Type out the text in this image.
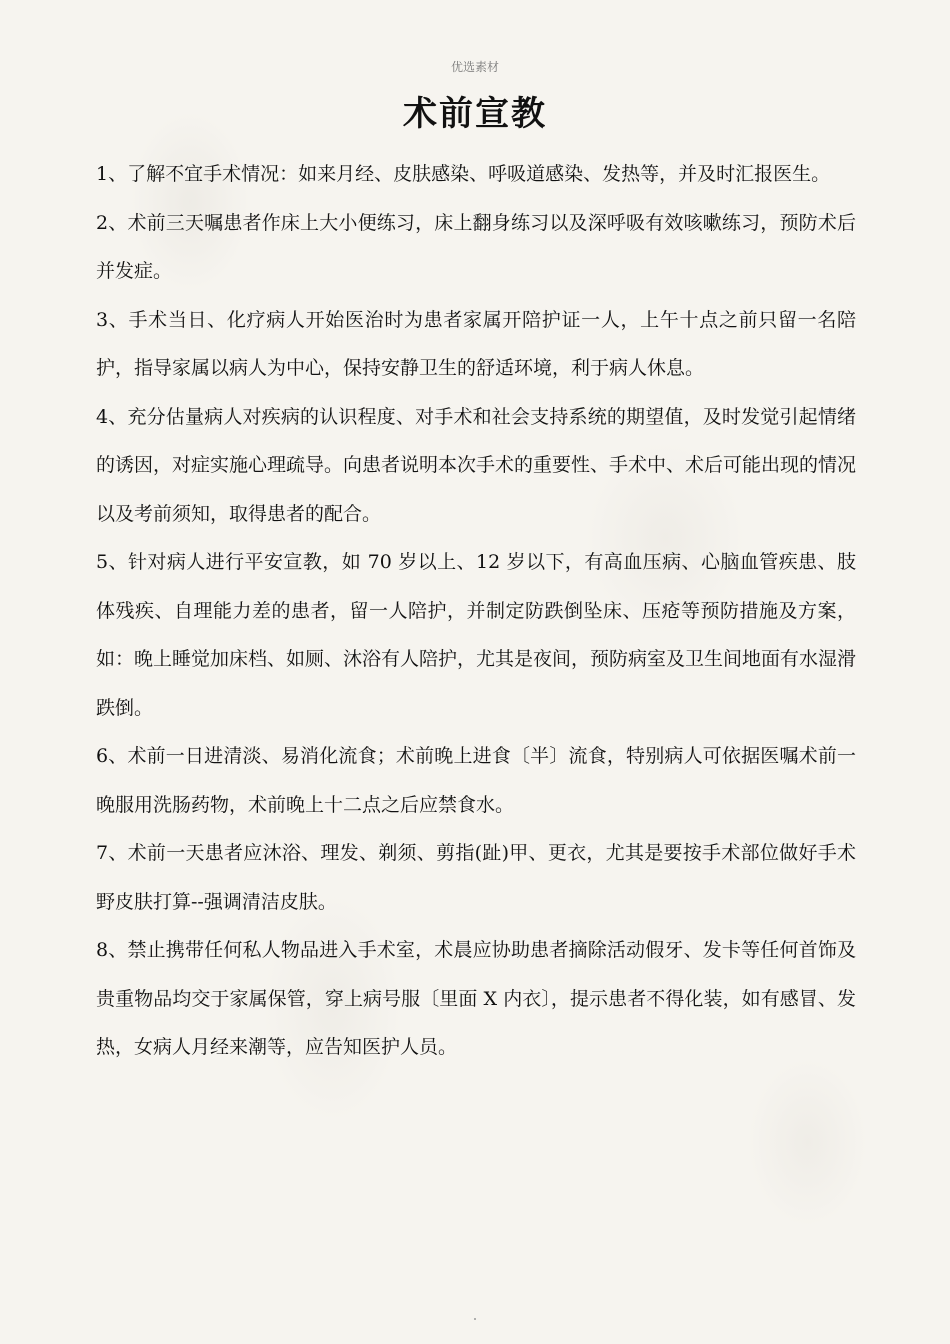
优选素材
术前宣教

1、了解不宜手术情况：如来月经、皮肤感染、呼吸道感染、发热等，并及时汇报医生。

2、术前三天嘱患者作床上大小便练习，床上翻身练习以及深呼吸有效咳嗽练习，预防术后并发症。

3、手术当日、化疗病人开始医治时为患者家属开陪护证一人，上午十点之前只留一名陪护，指导家属以病人为中心，保持安静卫生的舒适环境，利于病人休息。

4、充分估量病人对疾病的认识程度、对手术和社会支持系统的期望值，及时发觉引起情绪的诱因，对症实施心理疏导。向患者说明本次手术的重要性、手术中、术后可能出现的情况以及考前须知，取得患者的配合。

5、针对病人进行平安宣教，如 70 岁以上、12 岁以下，有高血压病、心脑血管疾患、肢体残疾、自理能力差的患者，留一人陪护，并制定防跌倒坠床、压疮等预防措施及方案，如：晚上睡觉加床档、如厕、沐浴有人陪护，尤其是夜间，预防病室及卫生间地面有水湿滑跌倒。

6、术前一日进清淡、易消化流食；术前晚上进食〔半〕流食，特别病人可依据医嘱术前一晚服用洗肠药物，术前晚上十二点之后应禁食水。

7、术前一天患者应沐浴、理发、剃须、剪指(趾)甲、更衣，尤其是要按手术部位做好手术野皮肤打算--强调清洁皮肤。

8、禁止携带任何私人物品进入手术室，术晨应协助患者摘除活动假牙、发卡等任何首饰及贵重物品均交于家属保管，穿上病号服〔里面 X 内衣〕，提示患者不得化装，如有感冒、发热，女病人月经来潮等，应告知医护人员。
